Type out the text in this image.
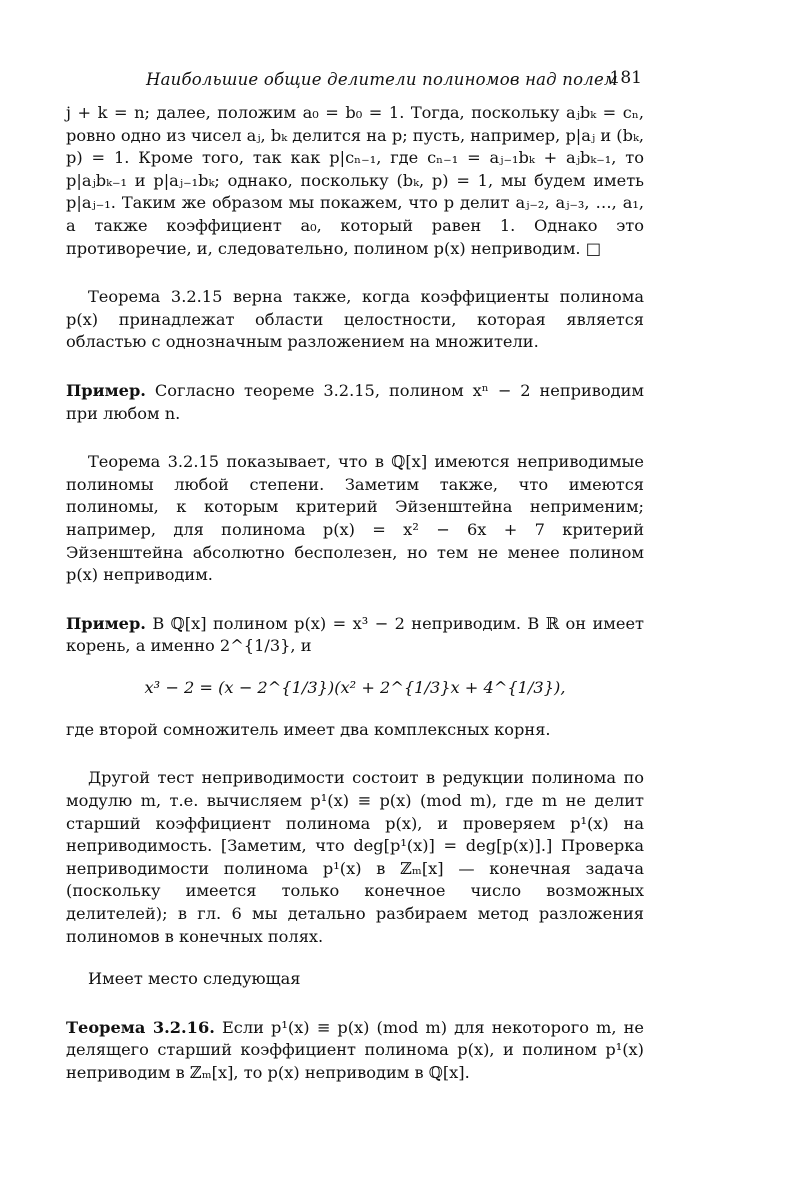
Наибольшие общие делители полиномов над полем
181

j + k = n; далее, положим a₀ = b₀ = 1. Тогда, поскольку aⱼbₖ = cₙ, ровно одно из чисел aⱼ, bₖ делится на p; пусть, например, p|aⱼ и (bₖ, p) = 1. Кроме того, так как p|cₙ₋₁, где cₙ₋₁ = aⱼ₋₁bₖ + aⱼbₖ₋₁, то p|aⱼbₖ₋₁ и p|aⱼ₋₁bₖ; однако, поскольку (bₖ, p) = 1, мы будем иметь p|aⱼ₋₁. Таким же образом мы покажем, что p делит aⱼ₋₂, aⱼ₋₃, …, a₁, а также коэффициент a₀, который равен 1. Однако это противоречие, и, следовательно, полином p(x) неприводим. □

Теорема 3.2.15 верна также, когда коэффициенты полинома p(x) принадлежат области целостности, которая является областью с однозначным разложением на множители.

Пример. Согласно теореме 3.2.15, полином xⁿ − 2 неприводим при любом n.

Теорема 3.2.15 показывает, что в ℚ[x] имеются неприводимые полиномы любой степени. Заметим также, что имеются полиномы, к которым критерий Эйзенштейна неприменим; например, для полинома p(x) = x² − 6x + 7 критерий Эйзенштейна абсолютно бесполезен, но тем не менее полином p(x) неприводим.

Пример. В ℚ[x] полином p(x) = x³ − 2 неприводим. В ℝ он имеет корень, а именно 2^{1/3}, и

x³ − 2 = (x − 2^{1/3})(x² + 2^{1/3}x + 4^{1/3}),

где второй сомножитель имеет два комплексных корня.

Другой тест неприводимости состоит в редукции полинома по модулю m, т.е. вычисляем p¹(x) ≡ p(x) (mod m), где m не делит старший коэффициент полинома p(x), и проверяем p¹(x) на неприводимость. [Заметим, что deg[p¹(x)] = deg[p(x)].] Проверка неприводимости полинома p¹(x) в ℤₘ[x] — конечная задача (поскольку имеется только конечное число возможных делителей); в гл. 6 мы детально разбираем метод разложения полиномов в конечных полях.

Имеет место следующая

Теорема 3.2.16. Если p¹(x) ≡ p(x) (mod m) для некоторого m, не делящего старший коэффициент полинома p(x), и полином p¹(x) неприводим в ℤₘ[x], то p(x) неприводим в ℚ[x].
